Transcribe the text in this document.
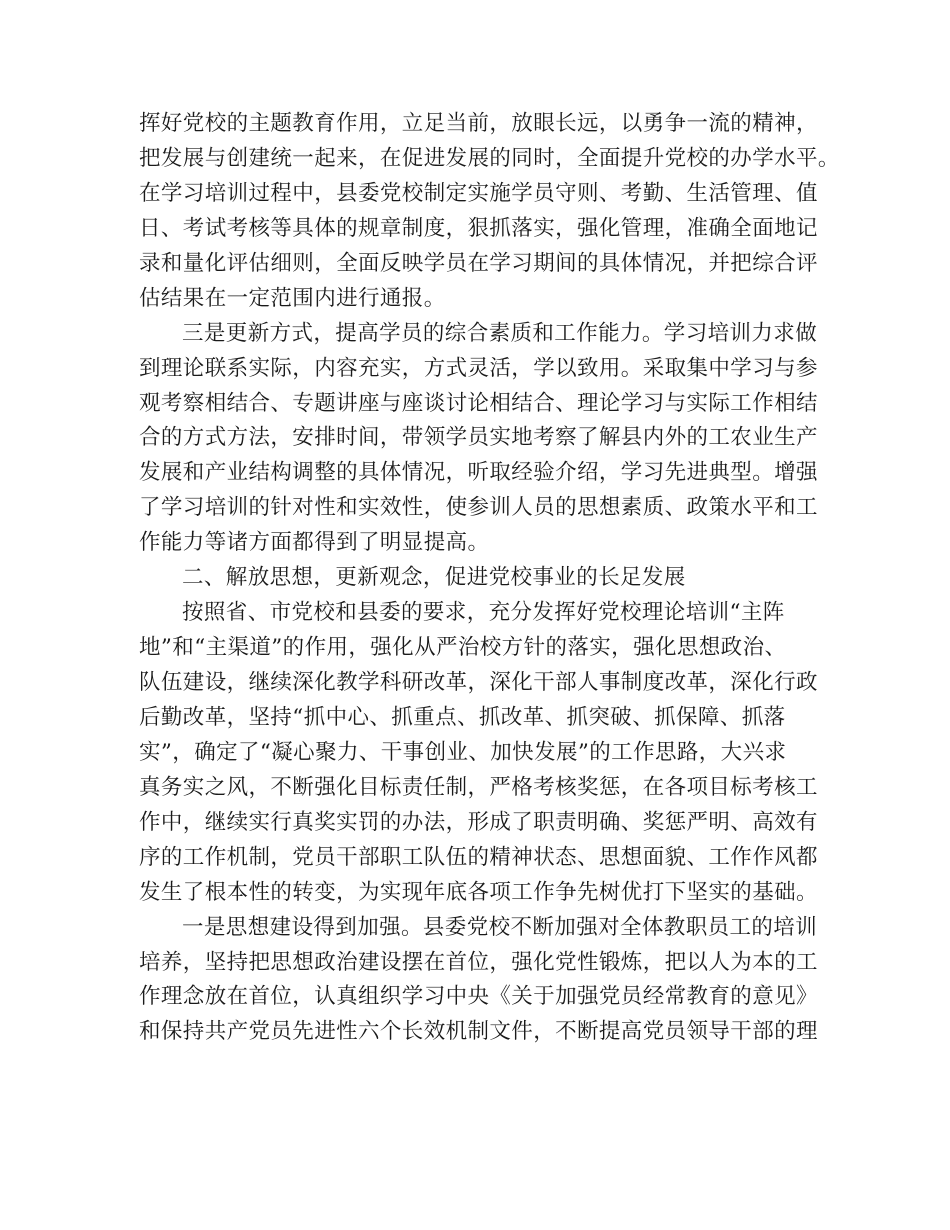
挥好党校的主题教育作用，立足当前，放眼长远，以勇争一流的精神，
把发展与创建统一起来，在促进发展的同时，全面提升党校的办学水平。
在学习培训过程中，县委党校制定实施学员守则、考勤、生活管理、值
日、考试考核等具体的规章制度，狠抓落实，强化管理，准确全面地记
录和量化评估细则，全面反映学员在学习期间的具体情况，并把综合评
估结果在一定范围内进行通报。
三是更新方式，提高学员的综合素质和工作能力。学习培训力求做
到理论联系实际，内容充实，方式灵活，学以致用。采取集中学习与参
观考察相结合、专题讲座与座谈讨论相结合、理论学习与实际工作相结
合的方式方法，安排时间，带领学员实地考察了解县内外的工农业生产
发展和产业结构调整的具体情况，听取经验介绍，学习先进典型。增强
了学习培训的针对性和实效性，使参训人员的思想素质、政策水平和工
作能力等诸方面都得到了明显提高。
二、解放思想，更新观念，促进党校事业的长足发展
按照省、市党校和县委的要求，充分发挥好党校理论培训“主阵
地”和“主渠道”的作用，强化从严治校方针的落实，强化思想政治、
队伍建设，继续深化教学科研改革，深化干部人事制度改革，深化行政
后勤改革，坚持“抓中心、抓重点、抓改革、抓突破、抓保障、抓落
实”，确定了“凝心聚力、干事创业、加快发展”的工作思路，大兴求
真务实之风，不断强化目标责任制，严格考核奖惩，在各项目标考核工
作中，继续实行真奖实罚的办法，形成了职责明确、奖惩严明、高效有
序的工作机制，党员干部职工队伍的精神状态、思想面貌、工作作风都
发生了根本性的转变，为实现年底各项工作争先树优打下坚实的基础。
一是思想建设得到加强。县委党校不断加强对全体教职员工的培训
培养，坚持把思想政治建设摆在首位，强化党性锻炼，把以人为本的工
作理念放在首位，认真组织学习中央《关于加强党员经常教育的意见》
和保持共产党员先进性六个长效机制文件，不断提高党员领导干部的理
